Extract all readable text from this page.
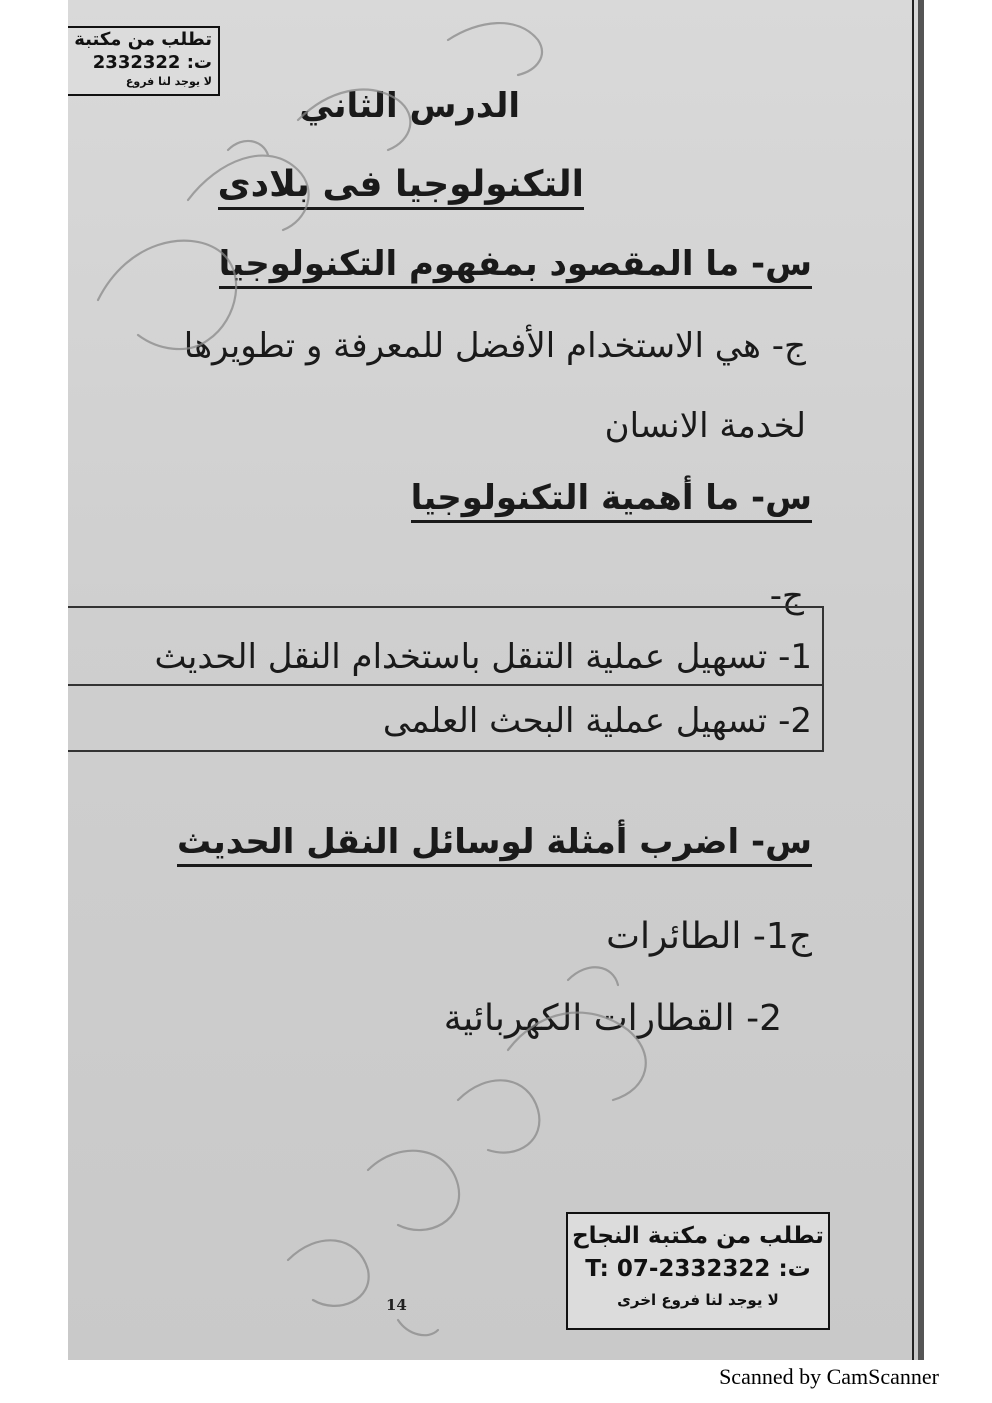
تطلب من مكتبة
ت: 2332322
لا يوجد لنا فروع
الدرس الثاني
التكنولوجيا فى بلادى
س- ما المقصود بمفهوم التكنولوجيا
ج- هي الاستخدام الأفضل للمعرفة و تطويرها
لخدمة الانسان
س- ما أهمية التكنولوجيا
ج-
1- تسهيل عملية التنقل باستخدام النقل الحديث
2- تسهيل عملية البحث العلمى
س- اضرب أمثلة لوسائل النقل الحديث
ج1- الطائرات
2- القطارات الكهربائية
تطلب من مكتبة النجاح
ت: T: 07-2332322
لا يوجد لنا فروع اخرى
14
Scanned by CamScanner
